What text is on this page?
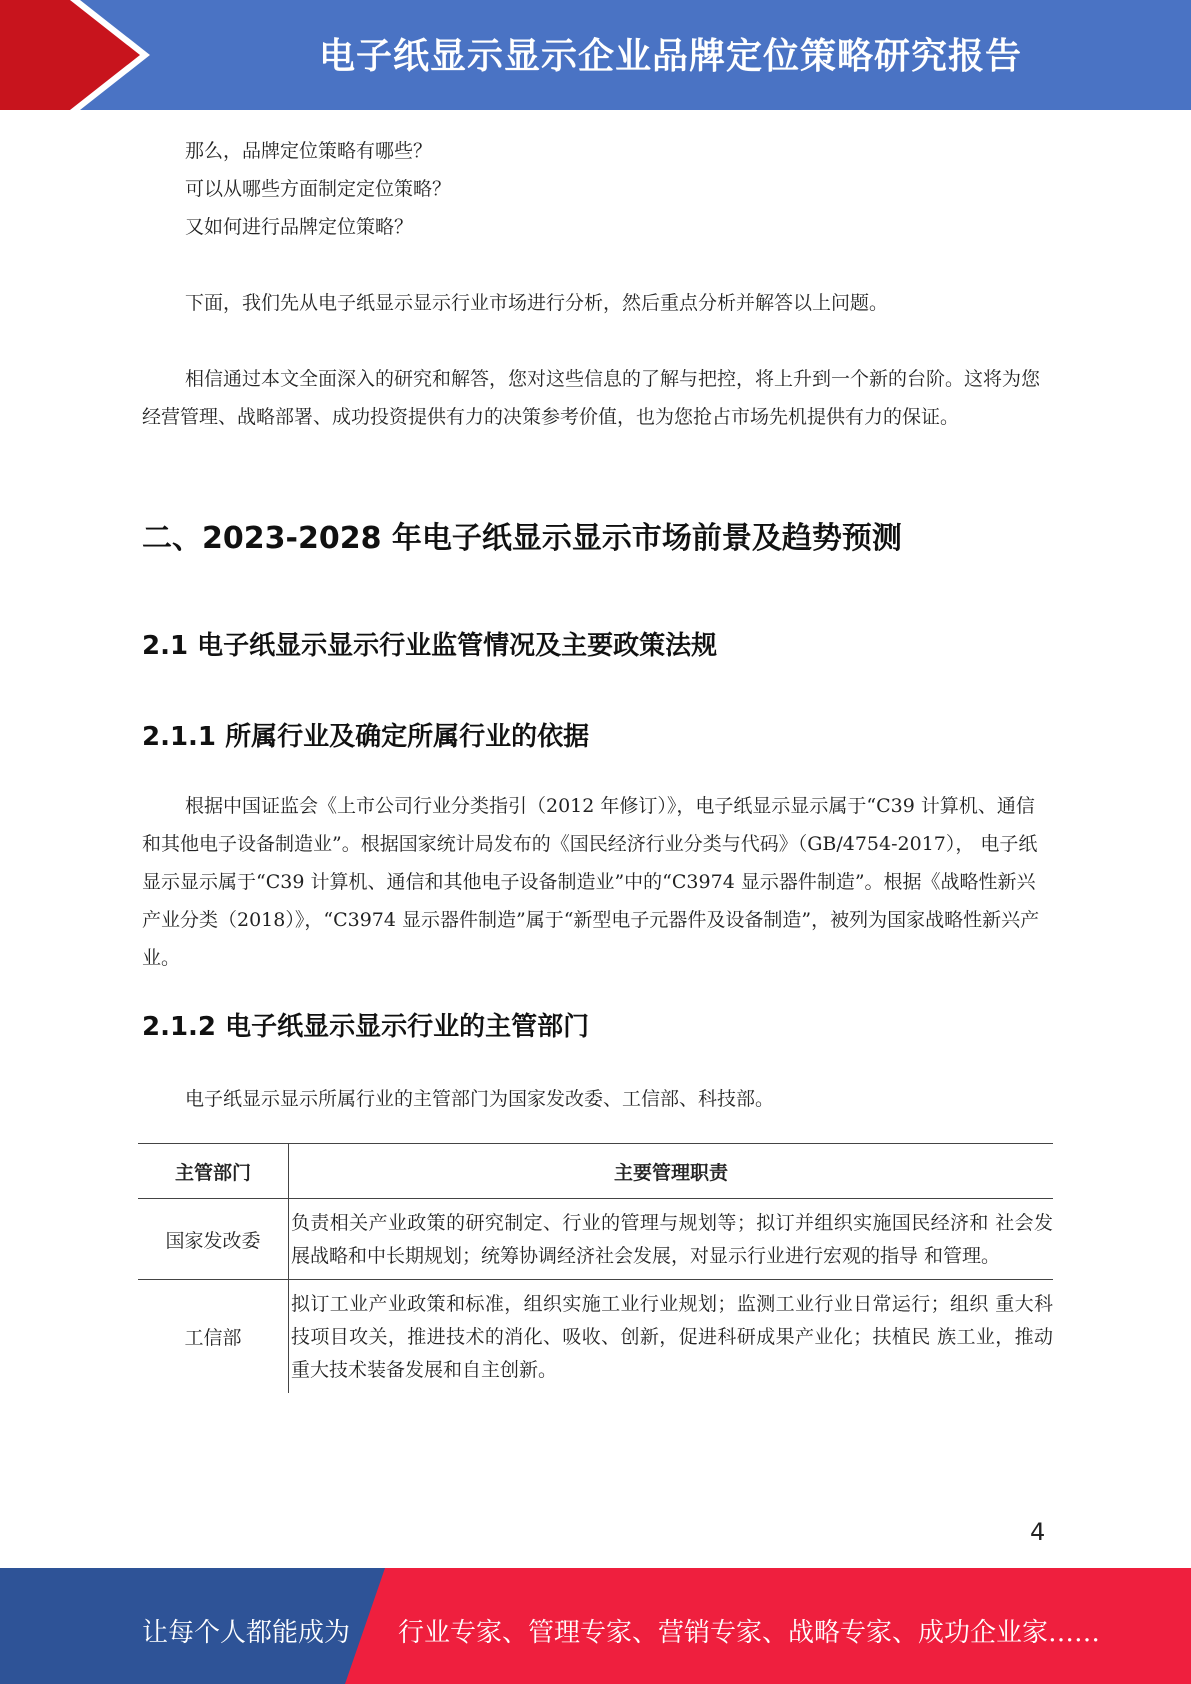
电子纸显示显示企业品牌定位策略研究报告

那么，品牌定位策略有哪些？

可以从哪些方面制定定位策略？

又如何进行品牌定位策略？

下面，我们先从电子纸显示显示行业市场进行分析，然后重点分析并解答以上问题。

相信通过本文全面深入的研究和解答，您对这些信息的了解与把控，将上升到一个新的台阶。这将为您经营管理、战略部署、成功投资提供有力的决策参考价值，也为您抢占市场先机提供有力的保证。

二、2023-2028 年电子纸显示显示市场前景及趋势预测
2.1 电子纸显示显示行业监管情况及主要政策法规
2.1.1 所属行业及确定所属行业的依据

根据中国证监会《上市公司行业分类指引（2012 年修订）》，电子纸显示显示属于“C39 计算机、通信和其他电子设备制造业”。根据国家统计局发布的《国民经济行业分类与代码》（GB/4754-2017）， 电子纸显示显示属于“C39 计算机、通信和其他电子设备制造业”中的“C3974 显示器件制造”。根据《战略性新兴产业分类（2018）》，“C3974 显示器件制造”属于“新型电子元器件及设备制造”，被列为国家战略性新兴产业。

2.1.2 电子纸显示显示行业的主管部门

电子纸显示显示所属行业的主管部门为国家发改委、工信部、科技部。

主管部门	主要管理职责
国家发改委	负责相关产业政策的研究制定、行业的管理与规划等；拟订并组织实施国民经济和 社会发展战略和中长期规划；统筹协调经济社会发展，对显示行业进行宏观的指导 和管理。
工信部	拟订工业产业政策和标准，组织实施工业行业规划；监测工业行业日常运行；组织 重大科技项目攻关，推进技术的消化、吸收、创新，促进科研成果产业化；扶植民 族工业，推动重大技术装备发展和自主创新。
4
让每个人都能成为 行业专家、管理专家、营销专家、战略专家、成功企业家……
